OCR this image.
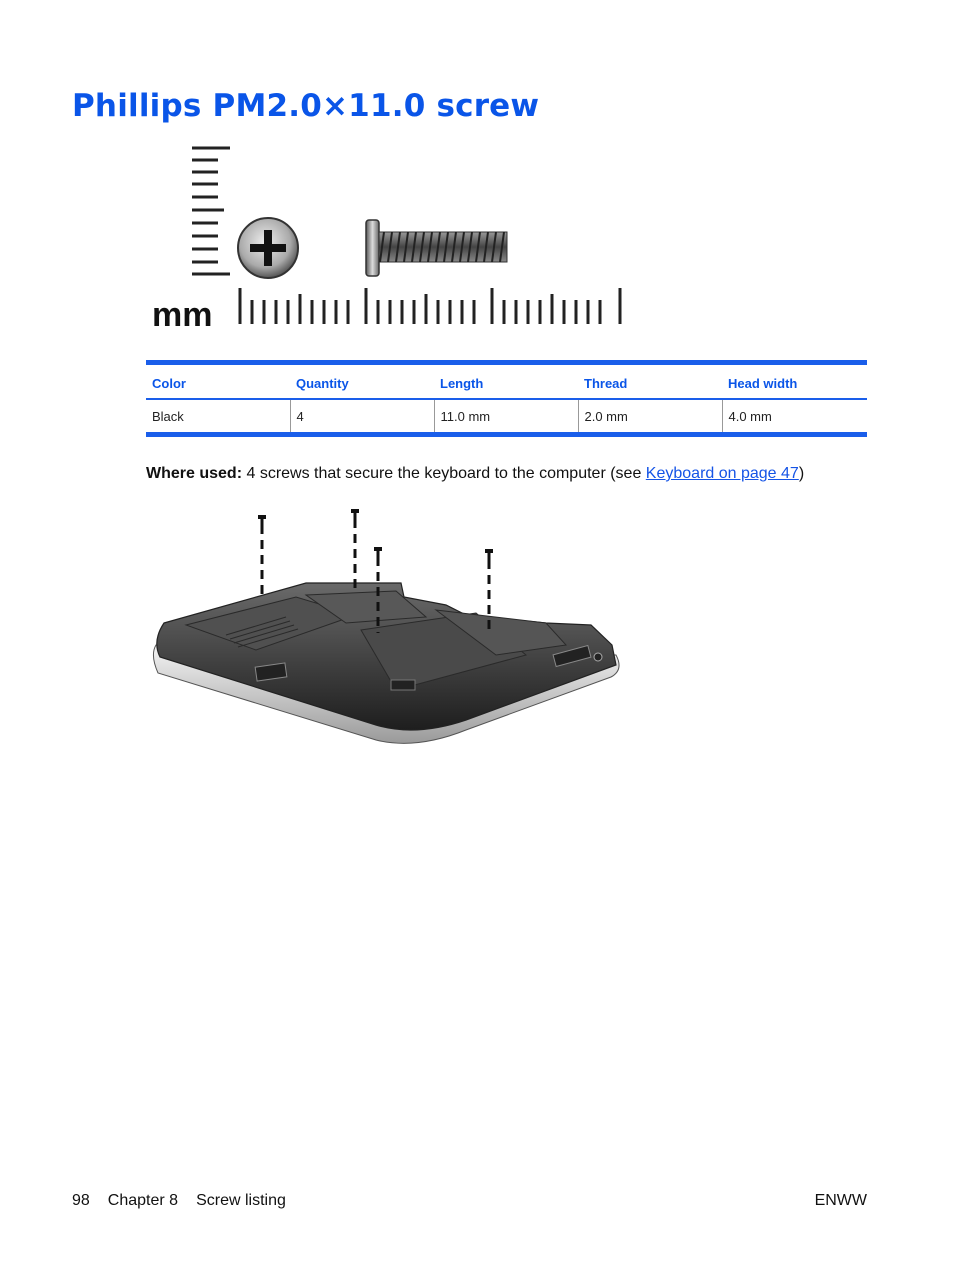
Phillips PM2.0×11.0 screw
mm
Color	Quantity	Length	Thread	Head width
Black	4	11.0 mm	2.0 mm	4.0 mm

Where used: 4 screws that secure the keyboard to the computer (see Keyboard on page 47)

98 Chapter 8 Screw listing	ENWW
